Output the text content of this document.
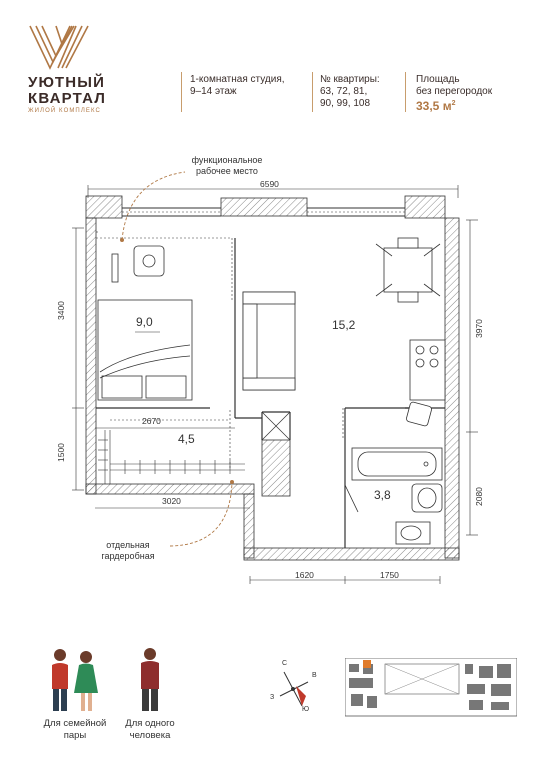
УЮТНЫЙ
КВАРТАЛ
ЖИЛОЙ КОМПЛЕКС
1-комнатная студия,
9–14 этаж
№ квартиры:
63, 72, 81,
90, 99, 108
Площадь
без перегородок
33,5 $м^2$
функциональное
рабочее место
отдельная
гардеробная
6590
3400
1500
3970
2080
2670
3020
1620	1750
9,0	15,2
4,5
3,8
Для семейной
пары
Для одного
человека
С
В
З
Ю
